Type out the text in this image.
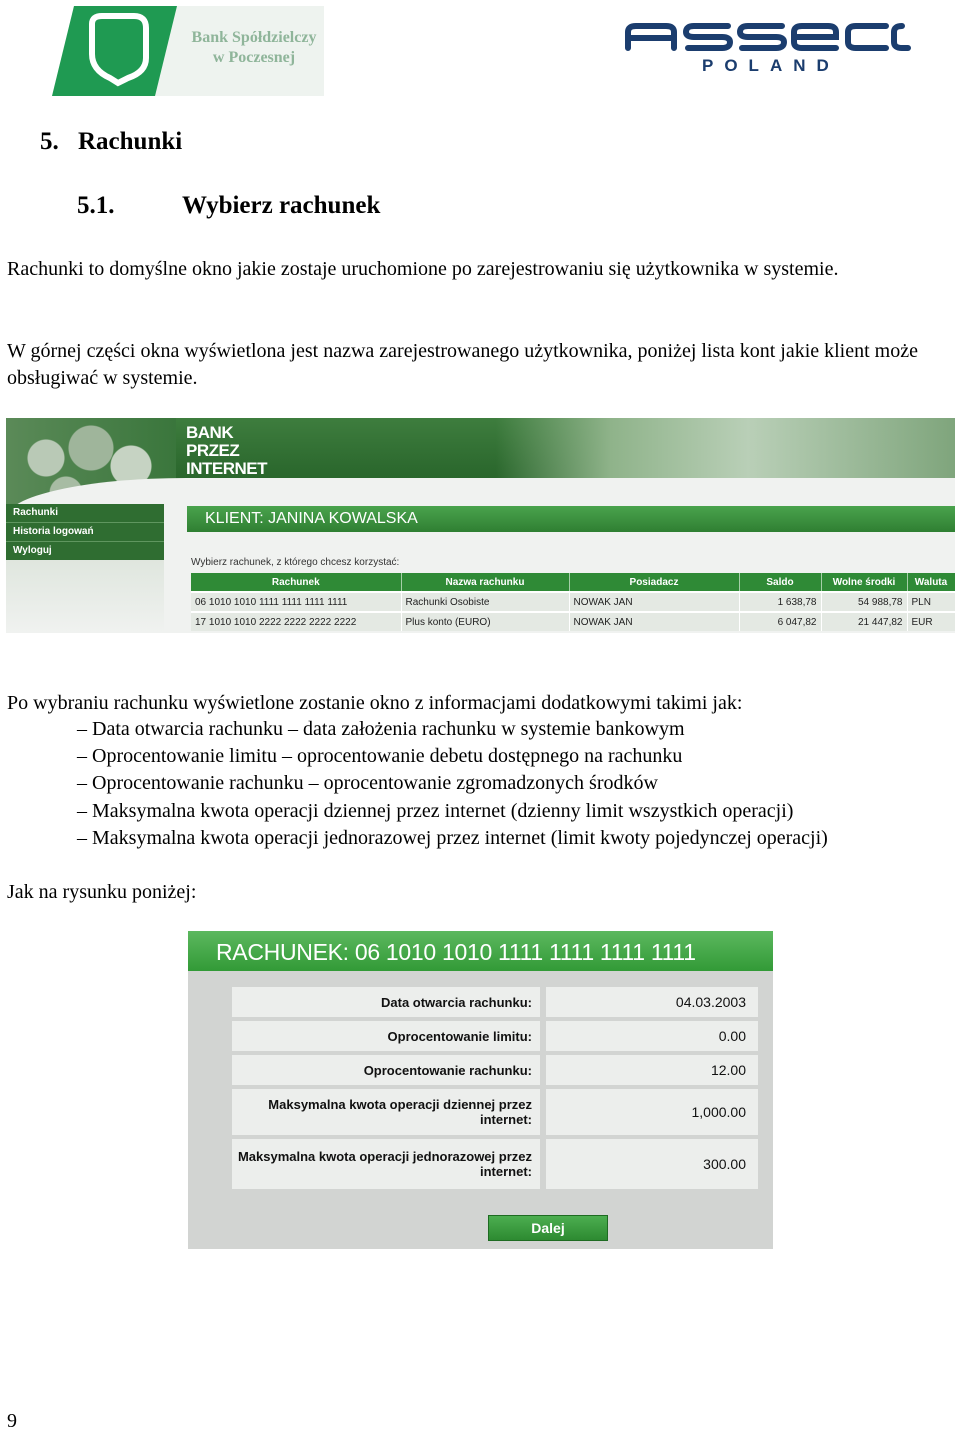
Bank Spółdzielczy w Poczesnej	POLAND
5. Rachunki
5.1.	Wybierz rachunek
Rachunki to domyślne okno jakie zostaje uruchomione po zarejestrowaniu się użytkownika w systemie.
W górnej części okna wyświetlona jest nazwa zarejestrowanego użytkownika, poniżej lista kont jakie klient może obsługiwać w systemie.
BANK
PRZEZ
INTERNET
Rachunki
Historia logowań
Wyloguj
KLIENT: JANINA KOWALSKA
Wybierz rachunek, z którego chcesz korzystać:
Rachunek	Nazwa rachunku	Posiadacz	Saldo	Wolne środki	Waluta
06 1010 1010 1111 1111 1111 1111	Rachunki Osobiste	NOWAK JAN	1 638,78	54 988,78	PLN
17 1010 1010 2222 2222 2222 2222	Plus konto (EURO)	NOWAK JAN	6 047,82	21 447,82	EUR
Po wybraniu rachunku wyświetlone zostanie okno z informacjami dodatkowymi takimi jak:
– Data otwarcia rachunku – data założenia rachunku w systemie bankowym
– Oprocentowanie limitu – oprocentowanie debetu dostępnego na rachunku
– Oprocentowanie rachunku – oprocentowanie zgromadzonych środków
– Maksymalna kwota operacji dziennej przez internet (dzienny limit wszystkich operacji)
– Maksymalna kwota operacji jednorazowej przez internet (limit kwoty pojedynczej operacji)
Jak na rysunku poniżej:
RACHUNEK: 06 1010 1010 1111 1111 1111 1111
Data otwarcia rachunku:	04.03.2003
Oprocentowanie limitu:	0.00
Oprocentowanie rachunku:	12.00
Maksymalna kwota operacji dziennej przez internet:	1,000.00
Maksymalna kwota operacji jednorazowej przez internet:	300.00
Dalej
9
